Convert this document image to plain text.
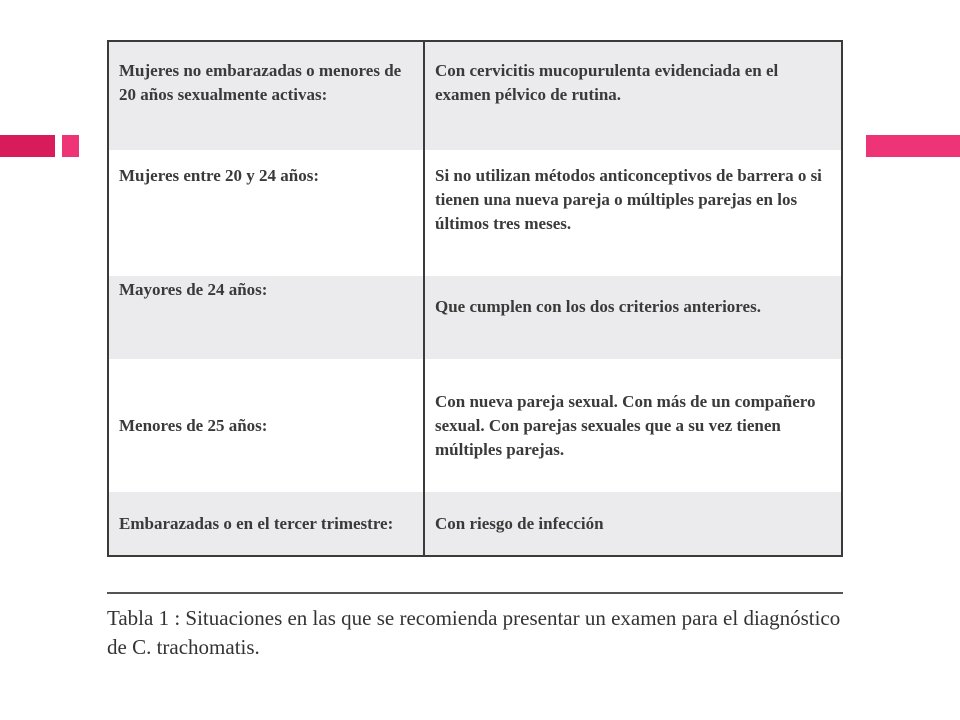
Mujeres no embarazadas o menores de 20 años sexualmente activas:	Con cervicitis mucopurulenta evidenciada en el examen pélvico de rutina.
Mujeres entre 20 y 24 años:	Si no utilizan métodos anticonceptivos de barrera o si tienen una nueva pareja o múltiples parejas en los últimos tres meses.
Mayores de 24 años:	Que cumplen con los dos criterios anteriores.
Menores de 25 años:	Con nueva pareja sexual. Con más de un compañero sexual. Con parejas sexuales que a su vez tienen múltiples parejas.
Embarazadas o en el tercer trimestre:	Con riesgo de infección
Tabla 1 : Situaciones en las que se recomienda presentar un examen para el diagnóstico de C. trachomatis.
